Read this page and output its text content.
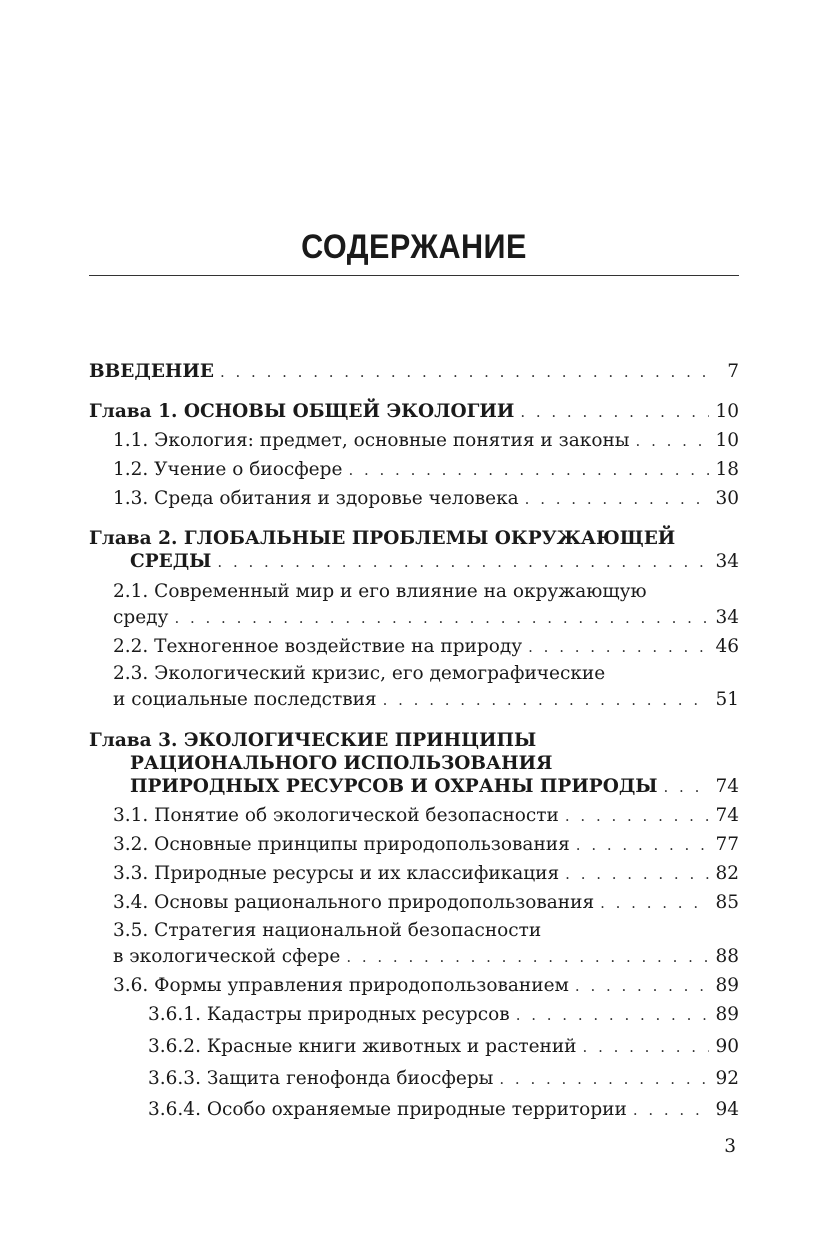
СОДЕРЖАНИЕ
ВВЕДЕНИЕ . . .	7
Глава 1. ОСНОВЫ ОБЩЕЙ ЭКОЛОГИИ . . .	10
1.1. Экология: предмет, основные понятия и законы . . .	10
1.2. Учение о биосфере . . .	18
1.3. Среда обитания и здоровье человека . . .	30
Глава 2. ГЛОБАЛЬНЫЕ ПРОБЛЕМЫ ОКРУЖАЮЩЕЙ
СРЕДЫ . . .	34
2.1. Современный мир и его влияние на окружающую
среду . . .	34
2.2. Техногенное воздействие на природу . . .	46
2.3. Экологический кризис, его демографические
и социальные последствия . . .	51
Глава 3. ЭКОЛОГИЧЕСКИЕ ПРИНЦИПЫ
РАЦИОНАЛЬНОГО ИСПОЛЬЗОВАНИЯ
ПРИРОДНЫХ РЕСУРСОВ И ОХРАНЫ ПРИРОДЫ . . .	74
3.1. Понятие об экологической безопасности . . .	74
3.2. Основные принципы природопользования . . .	77
3.3. Природные ресурсы и их классификация . . .	82
3.4. Основы рационального природопользования . . .	85
3.5. Стратегия национальной безопасности
в экологической сфере . . .	88
3.6. Формы управления природопользованием . . .	89
3.6.1. Кадастры природных ресурсов . . .	89
3.6.2. Красные книги животных и растений . . .	90
3.6.3. Защита генофонда биосферы . . .	92
3.6.4. Особо охраняемые природные территории . . .	94
3
